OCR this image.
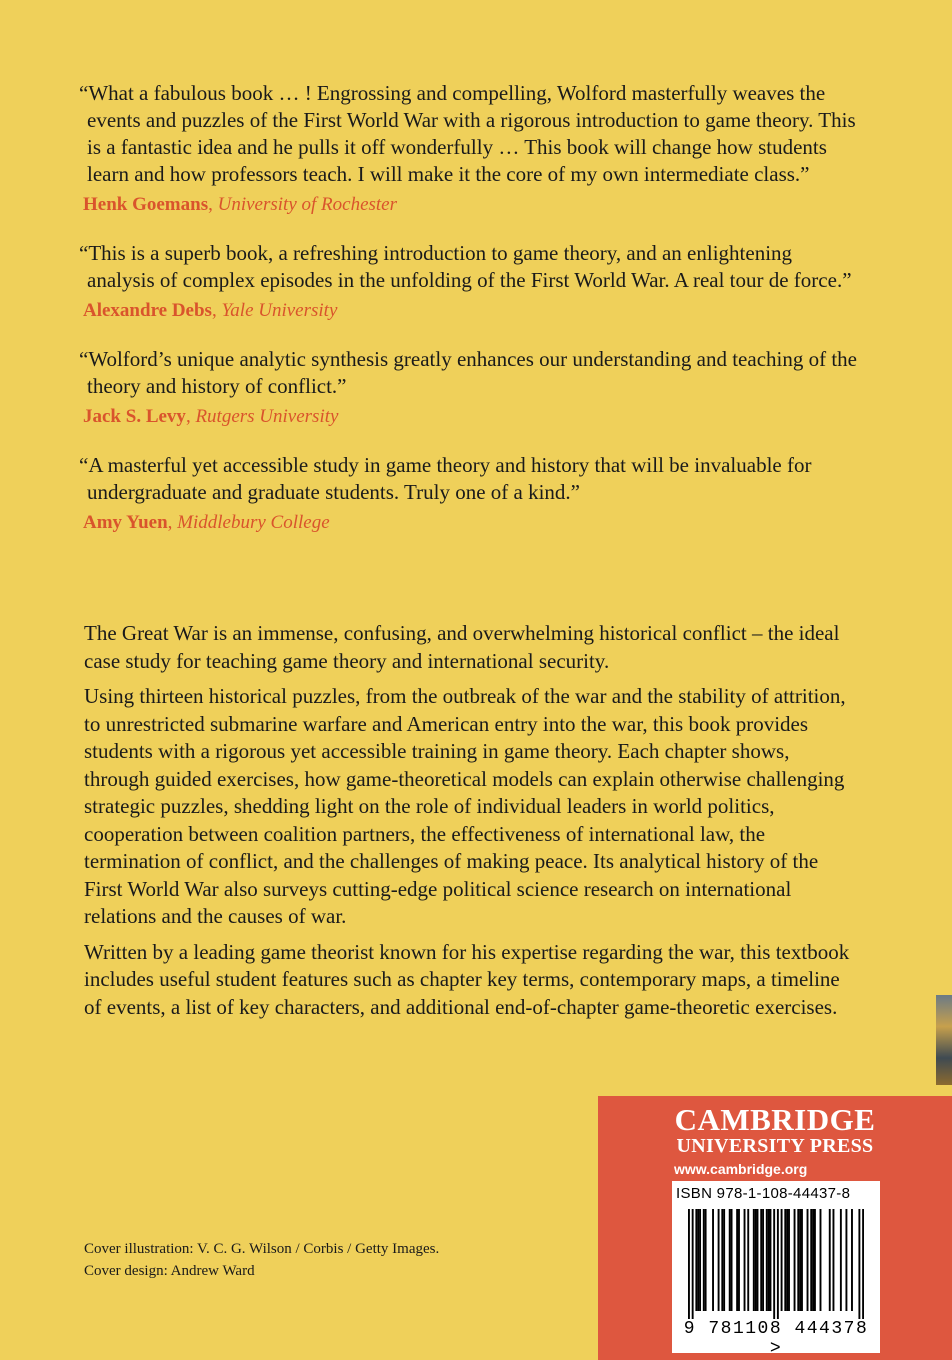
“What a fabulous book … ! Engrossing and compelling, Wolford masterfully weaves the events and puzzles of the First World War with a rigorous introduction to game theory. This is a fantastic idea and he pulls it off wonderfully … This book will change how students learn and how professors teach. I will make it the core of my own intermediate class.”

Henk Goemans, University of Rochester

“This is a superb book, a refreshing introduction to game theory, and an enlightening analysis of complex episodes in the unfolding of the First World War. A real tour de force.”

Alexandre Debs, Yale University

“Wolford’s unique analytic synthesis greatly enhances our understanding and teaching of the theory and history of conflict.”

Jack S. Levy, Rutgers University

“A masterful yet accessible study in game theory and history that will be invaluable for undergraduate and graduate students. Truly one of a kind.”

Amy Yuen, Middlebury College

The Great War is an immense, confusing, and overwhelming historical conflict – the ideal case study for teaching game theory and international security.

Using thirteen historical puzzles, from the outbreak of the war and the stability of attrition, to unrestricted submarine warfare and American entry into the war, this book provides students with a rigorous yet accessible training in game theory. Each chapter shows, through guided exercises, how game-theoretical models can explain otherwise challenging strategic puzzles, shedding light on the role of individual leaders in world politics, cooperation between coalition partners, the effectiveness of international law, the termination of conflict, and the challenges of making peace. Its analytical history of the First World War also surveys cutting-edge political science research on international relations and the causes of war.

Written by a leading game theorist known for his expertise regarding the war, this textbook includes useful student features such as chapter key terms, contemporary maps, a timeline of events, a list of key characters, and additional end-of-chapter game-theoretic exercises.

Cover illustration: V. C. G. Wilson / Corbis / Getty Images.
Cover design: Andrew Ward
CAMBRIDGE
UNIVERSITY PRESS
www.cambridge.org
ISBN 978-1-108-44437-8
9 781108 444378 >
